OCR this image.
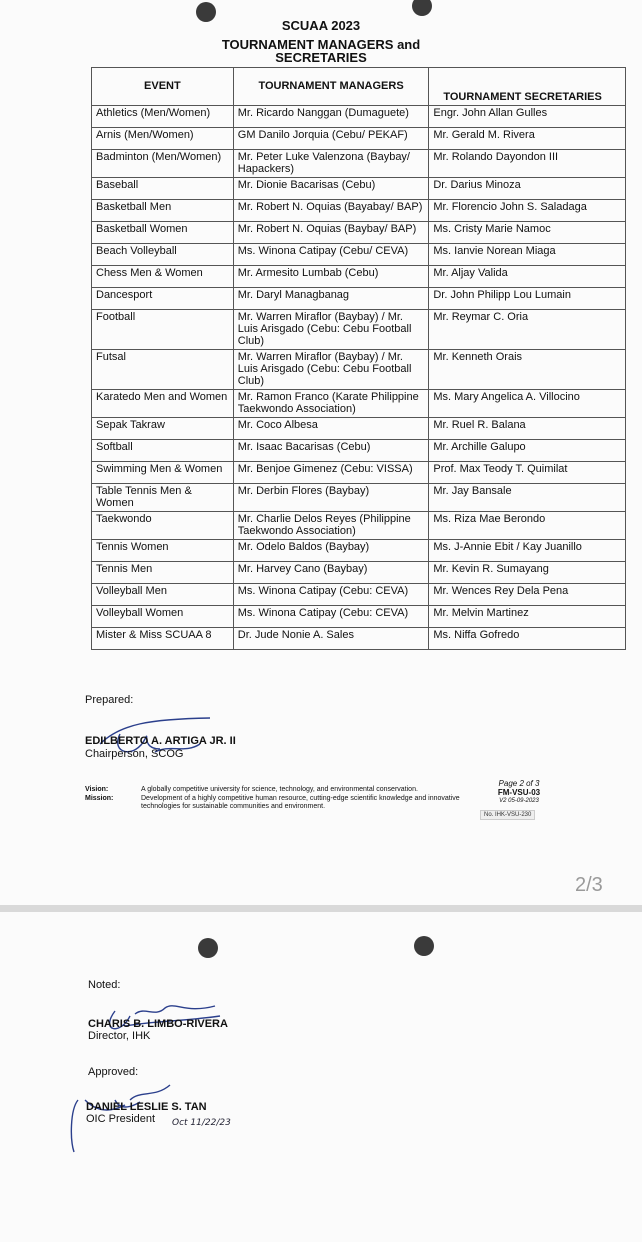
SCUAA 2023
TOURNAMENT MANAGERS and
SECRETARIES
EVENT	TOURNAMENT MANAGERS	TOURNAMENT SECRETARIES
Athletics (Men/Women)	Mr. Ricardo Nanggan (Dumaguete)	Engr. John Allan Gulles
Arnis (Men/Women)	GM Danilo Jorquia (Cebu/ PEKAF)	Mr. Gerald M. Rivera
Badminton (Men/Women)	Mr. Peter Luke Valenzona (Baybay/ Hapackers)	Mr. Rolando Dayondon III
Baseball	Mr. Dionie Bacarisas (Cebu)	Dr. Darius Minoza
Basketball Men	Mr. Robert N. Oquias (Bayabay/ BAP)	Mr. Florencio John S. Saladaga
Basketball Women	Mr. Robert N. Oquias (Baybay/ BAP)	Ms. Cristy Marie Namoc
Beach Volleyball	Ms. Winona Catipay (Cebu/ CEVA)	Ms. Ianvie Norean Miaga
Chess Men & Women	Mr. Armesito Lumbab (Cebu)	Mr. Aljay Valida
Dancesport	Mr. Daryl Managbanag	Dr. John Philipp Lou Lumain
Football	Mr. Warren Miraflor (Baybay) / Mr. Luis Arisgado (Cebu: Cebu Football Club)	Mr. Reymar C. Oria
Futsal	Mr. Warren Miraflor (Baybay) / Mr. Luis Arisgado (Cebu: Cebu Football Club)	Mr. Kenneth Orais
Karatedo Men and Women	Mr. Ramon Franco (Karate Philippine Taekwondo Association)	Ms. Mary Angelica A. Villocino
Sepak Takraw	Mr. Coco Albesa	Mr. Ruel R. Balana
Softball	Mr. Isaac Bacarisas (Cebu)	Mr. Archille Galupo
Swimming Men & Women	Mr. Benjoe Gimenez (Cebu: VISSA)	Prof. Max Teody T. Quimilat
Table Tennis Men & Women	Mr. Derbin Flores (Baybay)	Mr. Jay Bansale
Taekwondo	Mr. Charlie Delos Reyes (Philippine Taekwondo Association)	Ms. Riza Mae Berondo
Tennis Women	Mr. Odelo Baldos (Baybay)	Ms. J-Annie Ebit / Kay Juanillo
Tennis Men	Mr. Harvey Cano (Baybay)	Mr. Kevin R. Sumayang
Volleyball Men	Ms. Winona Catipay (Cebu: CEVA)	Mr. Wences Rey Dela Pena
Volleyball Women	Ms. Winona Catipay (Cebu: CEVA)	Mr. Melvin Martinez
Mister & Miss SCUAA 8	Dr. Jude Nonie A. Sales	Ms. Niffa Gofredo
Prepared:
EDILBERTO A. ARTIGA JR. II
Chairperson, SCOG
Vision:	A globally competitive university for science, technology, and environmental conservation.
Mission:	Development of a highly competitive human resource, cutting-edge scientific knowledge and innovative technologies for sustainable communities and environment.
Page 2 of 3
FM-VSU-03
V2 05-09-2023
No. IHK-VSU-230
2/3
Noted:
CHARIS B. LIMBO-RIVERA
Director, IHK
Approved:
DANIEL LESLIE S. TAN
OIC President Oct 11/22/23
